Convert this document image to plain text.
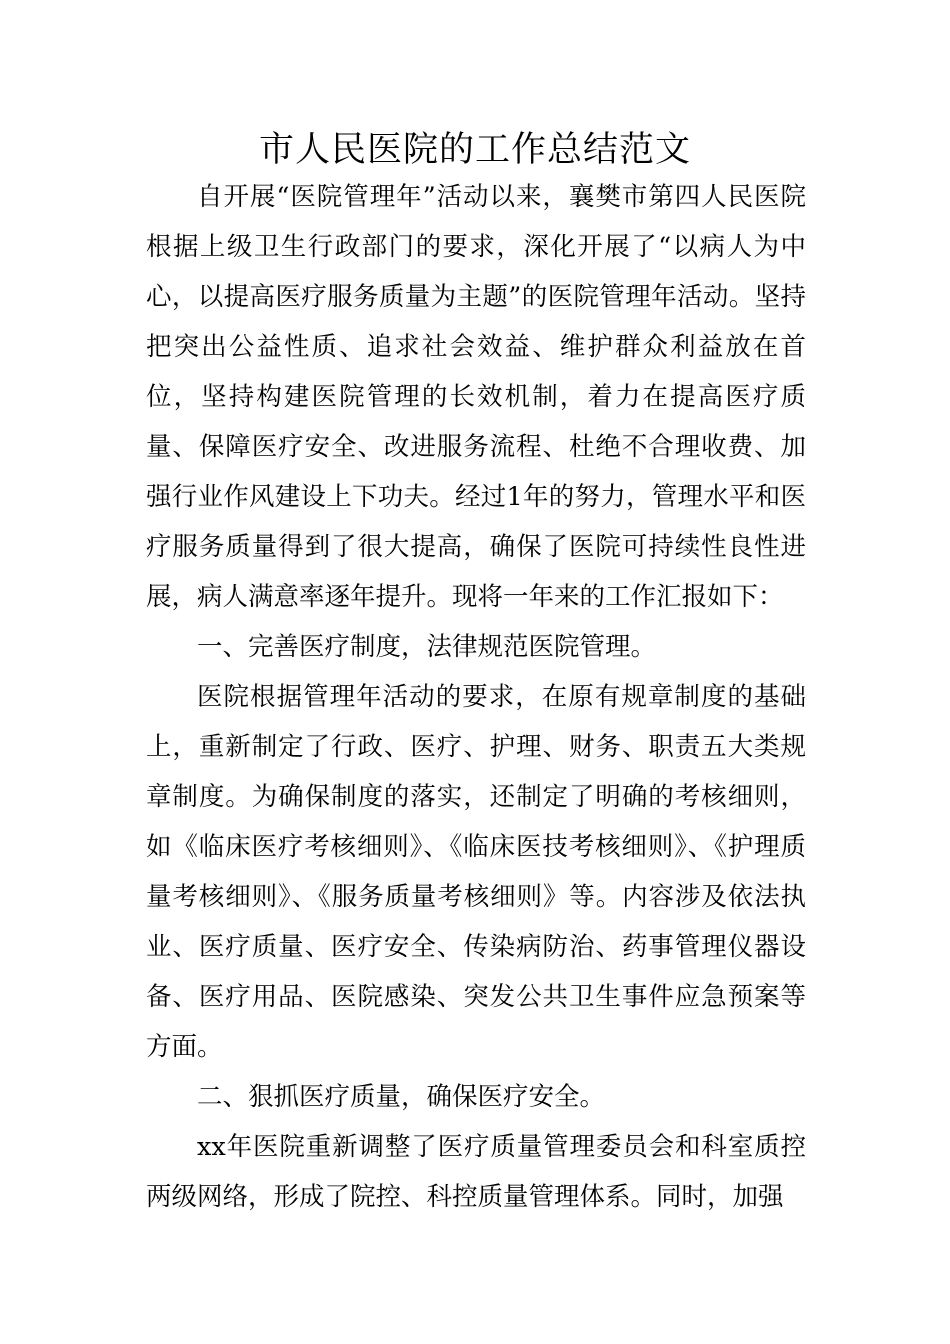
市人民医院的工作总结范文

自开展“医院管理年”活动以来，襄樊市第四人民医院根据上级卫生行政部门的要求，深化开展了“以病人为中心，以提高医疗服务质量为主题”的医院管理年活动。坚持把突出公益性质、追求社会效益、维护群众利益放在首位，坚持构建医院管理的长效机制，着力在提高医疗质量、保障医疗安全、改进服务流程、杜绝不合理收费、加强行业作风建设上下功夫。经过1年的努力，管理水平和医疗服务质量得到了很大提高，确保了医院可持续性良性进展，病人满意率逐年提升。现将一年来的工作汇报如下：

一、完善医疗制度，法律规范医院管理。

医院根据管理年活动的要求，在原有规章制度的基础上，重新制定了行政、医疗、护理、财务、职责五大类规章制度。为确保制度的落实，还制定了明确的考核细则，如《临床医疗考核细则》、《临床医技考核细则》、《护理质量考核细则》、《服务质量考核细则》等。内容涉及依法执业、医疗质量、医疗安全、传染病防治、药事管理仪器设备、医疗用品、医院感染、突发公共卫生事件应急预案等方面。

二、狠抓医疗质量，确保医疗安全。

xx年医院重新调整了医疗质量管理委员会和科室质控两级网络，形成了院控、科控质量管理体系。同时，加强
